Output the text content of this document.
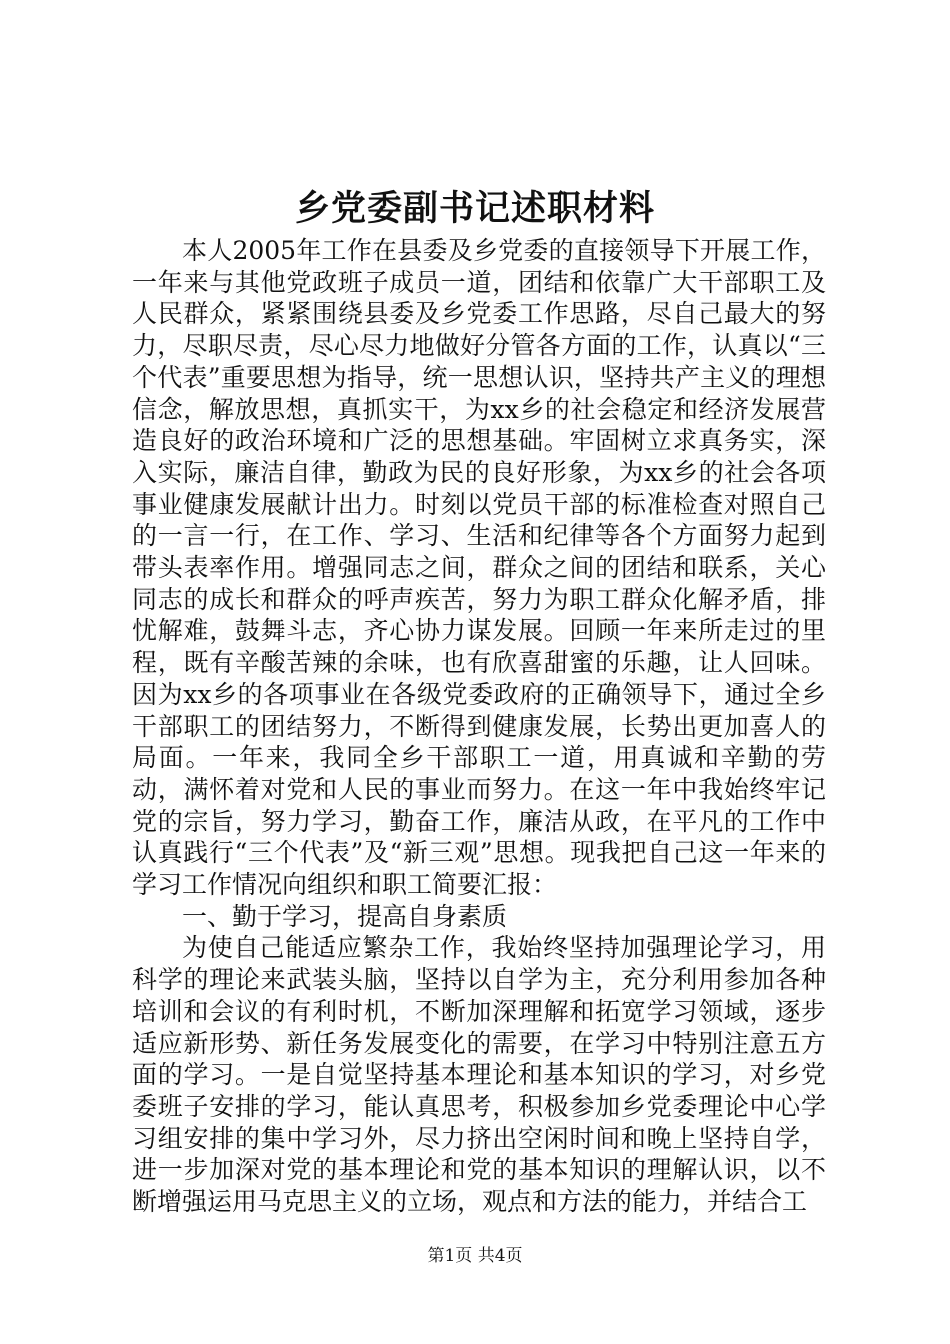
乡党委副书记述职材料

本人2005年工作在县委及乡党委的直接领导下开展工作，一年来与其他党政班子成员一道，团结和依靠广大干部职工及人民群众，紧紧围绕县委及乡党委工作思路，尽自己最大的努力，尽职尽责，尽心尽力地做好分管各方面的工作，认真以“三个代表”重要思想为指导，统一思想认识，坚持共产主义的理想信念，解放思想，真抓实干，为xx乡的社会稳定和经济发展营造良好的政治环境和广泛的思想基础。牢固树立求真务实，深入实际，廉洁自律，勤政为民的良好形象，为xx乡的社会各项事业健康发展献计出力。时刻以党员干部的标准检查对照自己的一言一行，在工作、学习、生活和纪律等各个方面努力起到带头表率作用。增强同志之间，群众之间的团结和联系，关心同志的成长和群众的呼声疾苦，努力为职工群众化解矛盾，排忧解难，鼓舞斗志，齐心协力谋发展。回顾一年来所走过的里程，既有辛酸苦辣的余味，也有欣喜甜蜜的乐趣，让人回味。因为xx乡的各项事业在各级党委政府的正确领导下，通过全乡干部职工的团结努力，不断得到健康发展，长势出更加喜人的局面。一年来，我同全乡干部职工一道，用真诚和辛勤的劳动，满怀着对党和人民的事业而努力。在这一年中我始终牢记党的宗旨，努力学习，勤奋工作，廉洁从政，在平凡的工作中认真践行“三个代表”及“新三观”思想。现我把自己这一年来的学习工作情况向组织和职工简要汇报：

一、勤于学习，提高自身素质

为使自己能适应繁杂工作，我始终坚持加强理论学习，用科学的理论来武装头脑，坚持以自学为主，充分利用参加各种培训和会议的有利时机，不断加深理解和拓宽学习领域，逐步适应新形势、新任务发展变化的需要，在学习中特别注意五方面的学习。一是自觉坚持基本理论和基本知识的学习，对乡党委班子安排的学习，能认真思考，积极参加乡党委理论中心学习组安排的集中学习外，尽力挤出空闲时间和晚上坚持自学，进一步加深对党的基本理论和党的基本知识的理解认识，以不断增强运用马克思主义的立场，观点和方法的能力，并结合工

第1页 共4页
